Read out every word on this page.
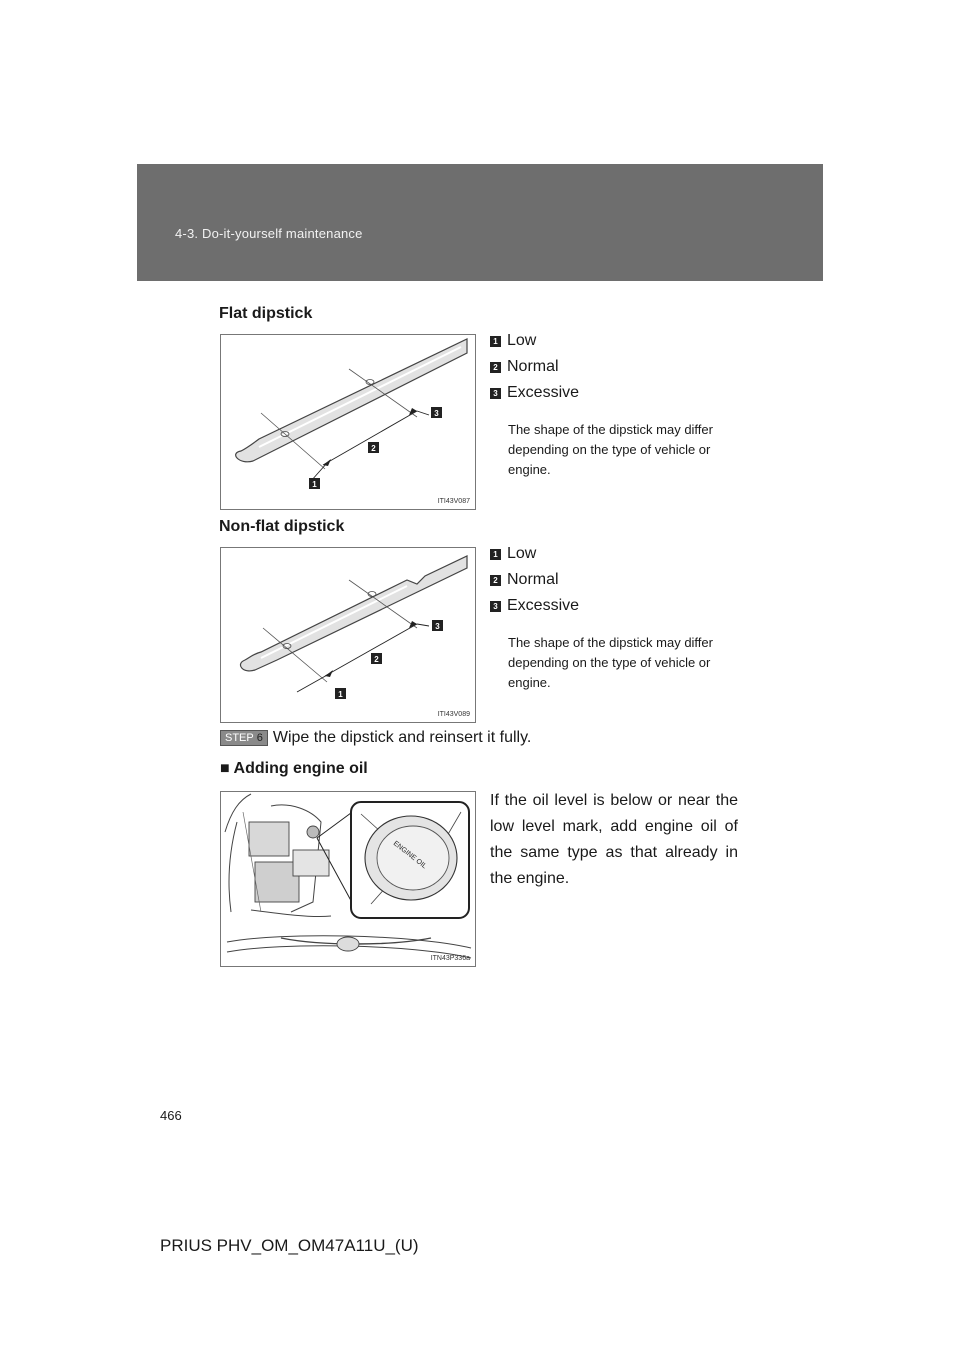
4-3. Do-it-yourself maintenance
Flat dipstick
1
2
3
ITI43V087
1 Low
2 Normal
3 Excessive
The shape of the dipstick may differ depending on the type of vehicle or engine.
Non-flat dipstick
1
2
3
ITI43V089
1 Low
2 Normal
3 Excessive
The shape of the dipstick may differ depending on the type of vehicle or engine.
STEP 6 Wipe the dipstick and reinsert it fully.
■ Adding engine oil
ENGINE OIL
ITN43P336a
If the oil level is below or near the low level mark, add engine oil of the same type as that already in the engine.
466
PRIUS PHV_OM_OM47A11U_(U)
